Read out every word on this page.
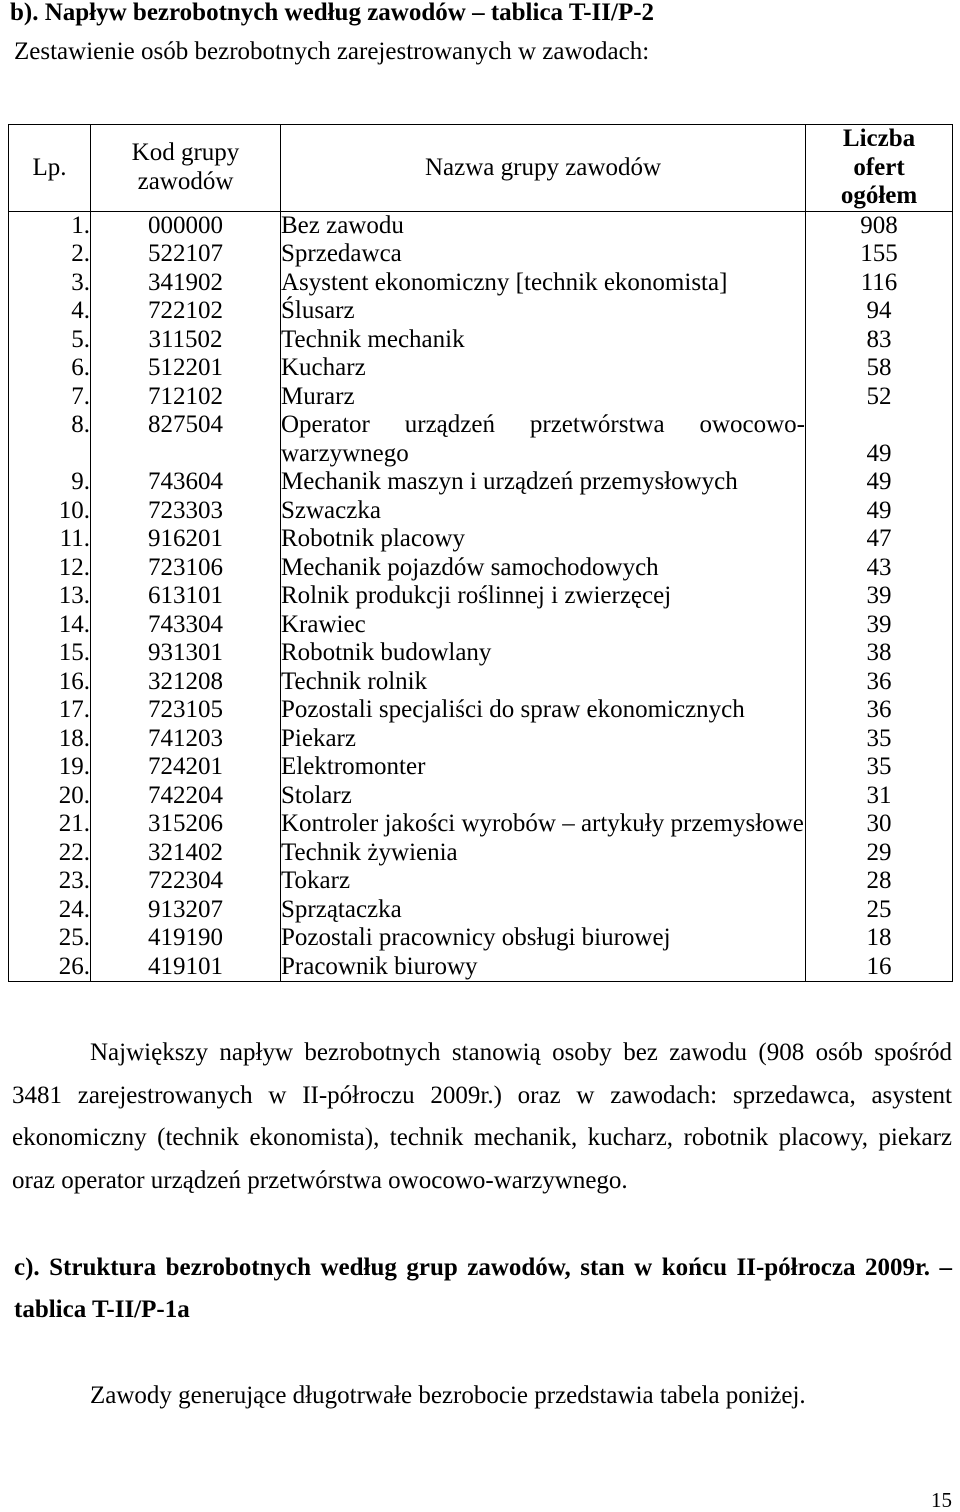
b). Napływ bezrobotnych według zawodów – tablica T-II/P-2
Zestawienie osób bezrobotnych zarejestrowanych w zawodach:
Lp.	Kod grupy zawodów	Nazwa grupy zawodów	Liczba ofert ogółem
1.	000000	Bez zawodu	908
2.	522107	Sprzedawca	155
3.	341902	Asystent ekonomiczny [technik ekonomista]	116
4.	722102	Ślusarz	94
5.	311502	Technik mechanik	83
6.	512201	Kucharz	58
7.	712102	Murarz	52
8.	827504	Operator urządzeń przetwórstwa owocowo-warzywnego	49
9.	743604	Mechanik maszyn i urządzeń przemysłowych	49
10.	723303	Szwaczka	49
11.	916201	Robotnik placowy	47
12.	723106	Mechanik pojazdów samochodowych	43
13.	613101	Rolnik produkcji roślinnej i zwierzęcej	39
14.	743304	Krawiec	39
15.	931301	Robotnik budowlany	38
16.	321208	Technik rolnik	36
17.	723105	Pozostali specjaliści do spraw ekonomicznych	36
18.	741203	Piekarz	35
19.	724201	Elektromonter	35
20.	742204	Stolarz	31
21.	315206	Kontroler jakości wyrobów – artykuły przemysłowe	30
22.	321402	Technik żywienia	29
23.	722304	Tokarz	28
24.	913207	Sprzątaczka	25
25.	419190	Pozostali pracownicy obsługi biurowej	18
26.	419101	Pracownik biurowy	16
Największy napływ bezrobotnych stanowią osoby bez zawodu (908 osób spośród 3481 zarejestrowanych w II-półroczu 2009r.) oraz w zawodach: sprzedawca, asystent ekonomiczny (technik ekonomista), technik mechanik, kucharz, robotnik placowy, piekarz oraz operator urządzeń przetwórstwa owocowo-warzywnego.
c). Struktura bezrobotnych według grup zawodów, stan w końcu II-półrocza 2009r. – tablica T-II/P-1a
Zawody generujące długotrwałe bezrobocie przedstawia tabela poniżej.
15
